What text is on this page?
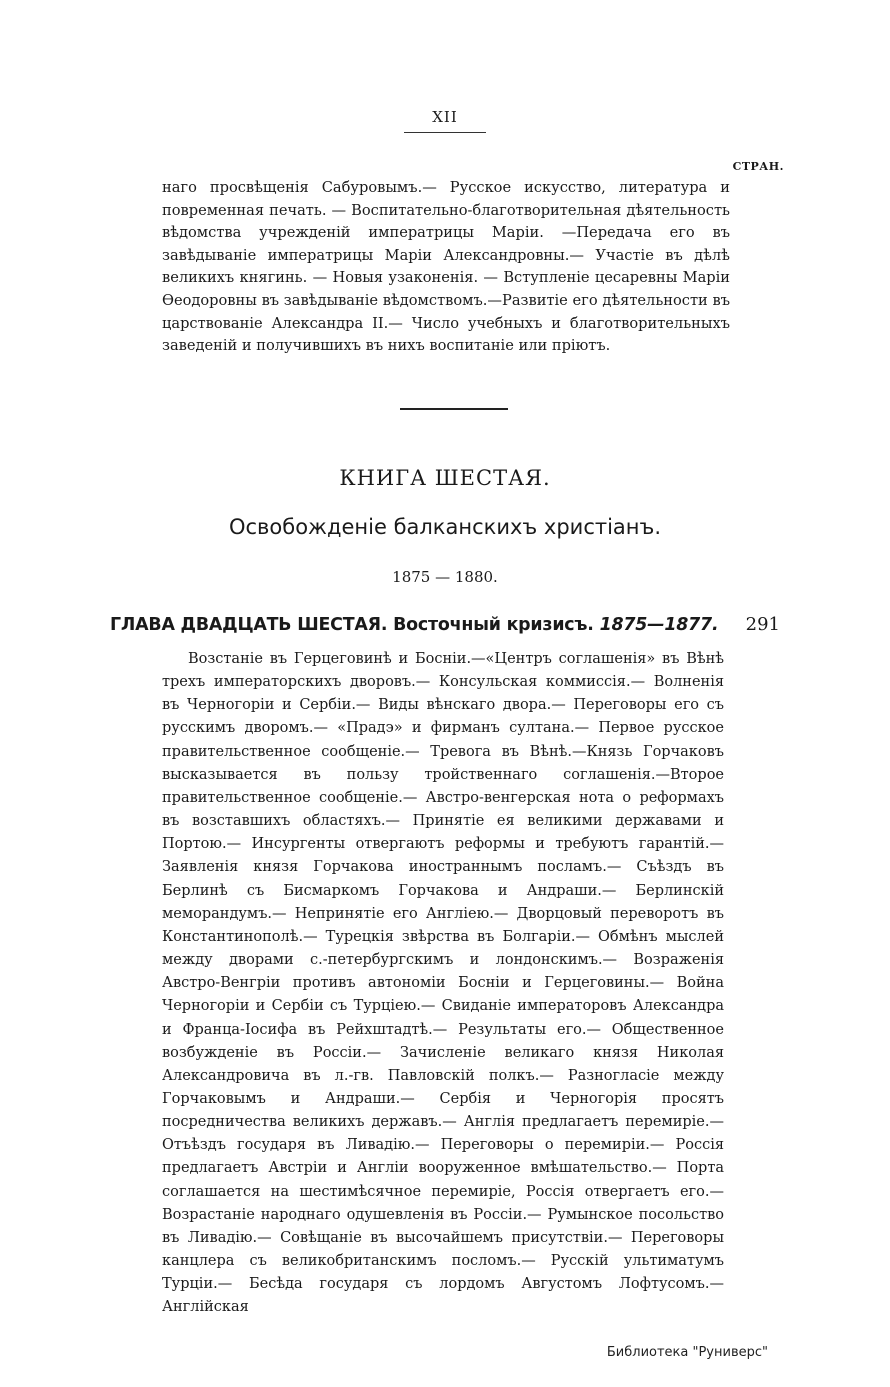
XII
СТРАН.

наго просвѣщенія Сабуровымъ.— Русское искусство, литература и повременная печать. — Воспитательно-благотворительная дѣятельность вѣдомства учрежденій императрицы Маріи. —Передача его въ завѣдываніе императрицы Маріи Александровны.— Участіе въ дѣлѣ великихъ княгинь. — Новыя узаконенія. — Вступленіе цесаревны Маріи Ѳеодоровны въ завѣдываніе вѣдомствомъ.—Развитіе его дѣятельности въ царствованіе Александра II.— Число учебныхъ и благотворительныхъ заведеній и получившихъ въ нихъ воспитаніе или пріютъ.

КНИГА ШЕСТАЯ.
Освобожденіе балканскихъ христіанъ.
1875 — 1880.
ГЛАВА ДВАДЦАТЬ ШЕСТАЯ. Восточный кризисъ. 1875—1877. 291

Возстаніе въ Герцеговинѣ и Босніи.—«Центръ соглашенія» въ Вѣнѣ трехъ императорскихъ дворовъ.— Консульская коммиссія.— Волненія въ Черногоріи и Сербіи.— Виды вѣнскаго двора.— Переговоры его съ русскимъ дворомъ.— «Прадэ» и фирманъ султана.— Первое русское правительственное сообщеніе.— Тревога въ Вѣнѣ.—Князь Горчаковъ высказывается въ пользу тройственнаго соглашенія.—Второе правительственное сообщеніе.— Австро-венгерская нота о реформахъ въ возставшихъ областяхъ.— Принятіе ея великими державами и Портою.— Инсургенты отвергаютъ реформы и требуютъ гарантій.— Заявленія князя Горчакова иностраннымъ посламъ.— Съѣздъ въ Берлинѣ съ Бисмаркомъ Горчакова и Андраши.— Берлинскій меморандумъ.— Непринятіе его Англіею.— Дворцовый переворотъ въ Константинополѣ.— Турецкія звѣрства въ Болгаріи.— Обмѣнъ мыслей между дворами с.-петербургскимъ и лондонскимъ.— Возраженія Австро-Венгріи противъ автономіи Босніи и Герцеговины.— Война Черногоріи и Сербіи съ Турціею.— Свиданіе императоровъ Александра и Франца-Іосифа въ Рейхштадтѣ.— Результаты его.— Общественное возбужденіе въ Россіи.— Зачисленіе великаго князя Николая Александровича въ л.-гв. Павловскій полкъ.— Разногласіе между Горчаковымъ и Андраши.— Сербія и Черногорія просятъ посредничества великихъ державъ.— Англія предлагаетъ перемиріе.— Отъѣздъ государя въ Ливадію.— Переговоры о перемиріи.— Россія предлагаетъ Австріи и Англіи вооруженное вмѣшательство.— Порта соглашается на шестимѣсячное перемиріе, Россія отвергаетъ его.— Возрастаніе народнаго одушевленія въ Россіи.— Румынское посольство въ Ливадію.— Совѣщаніе въ высочайшемъ присутствіи.— Переговоры канцлера съ великобританскимъ посломъ.— Русскій ультиматумъ Турціи.— Бесѣда государя съ лордомъ Августомъ Лофтусомъ.— Англійская

Библиотека "Руниверс"
